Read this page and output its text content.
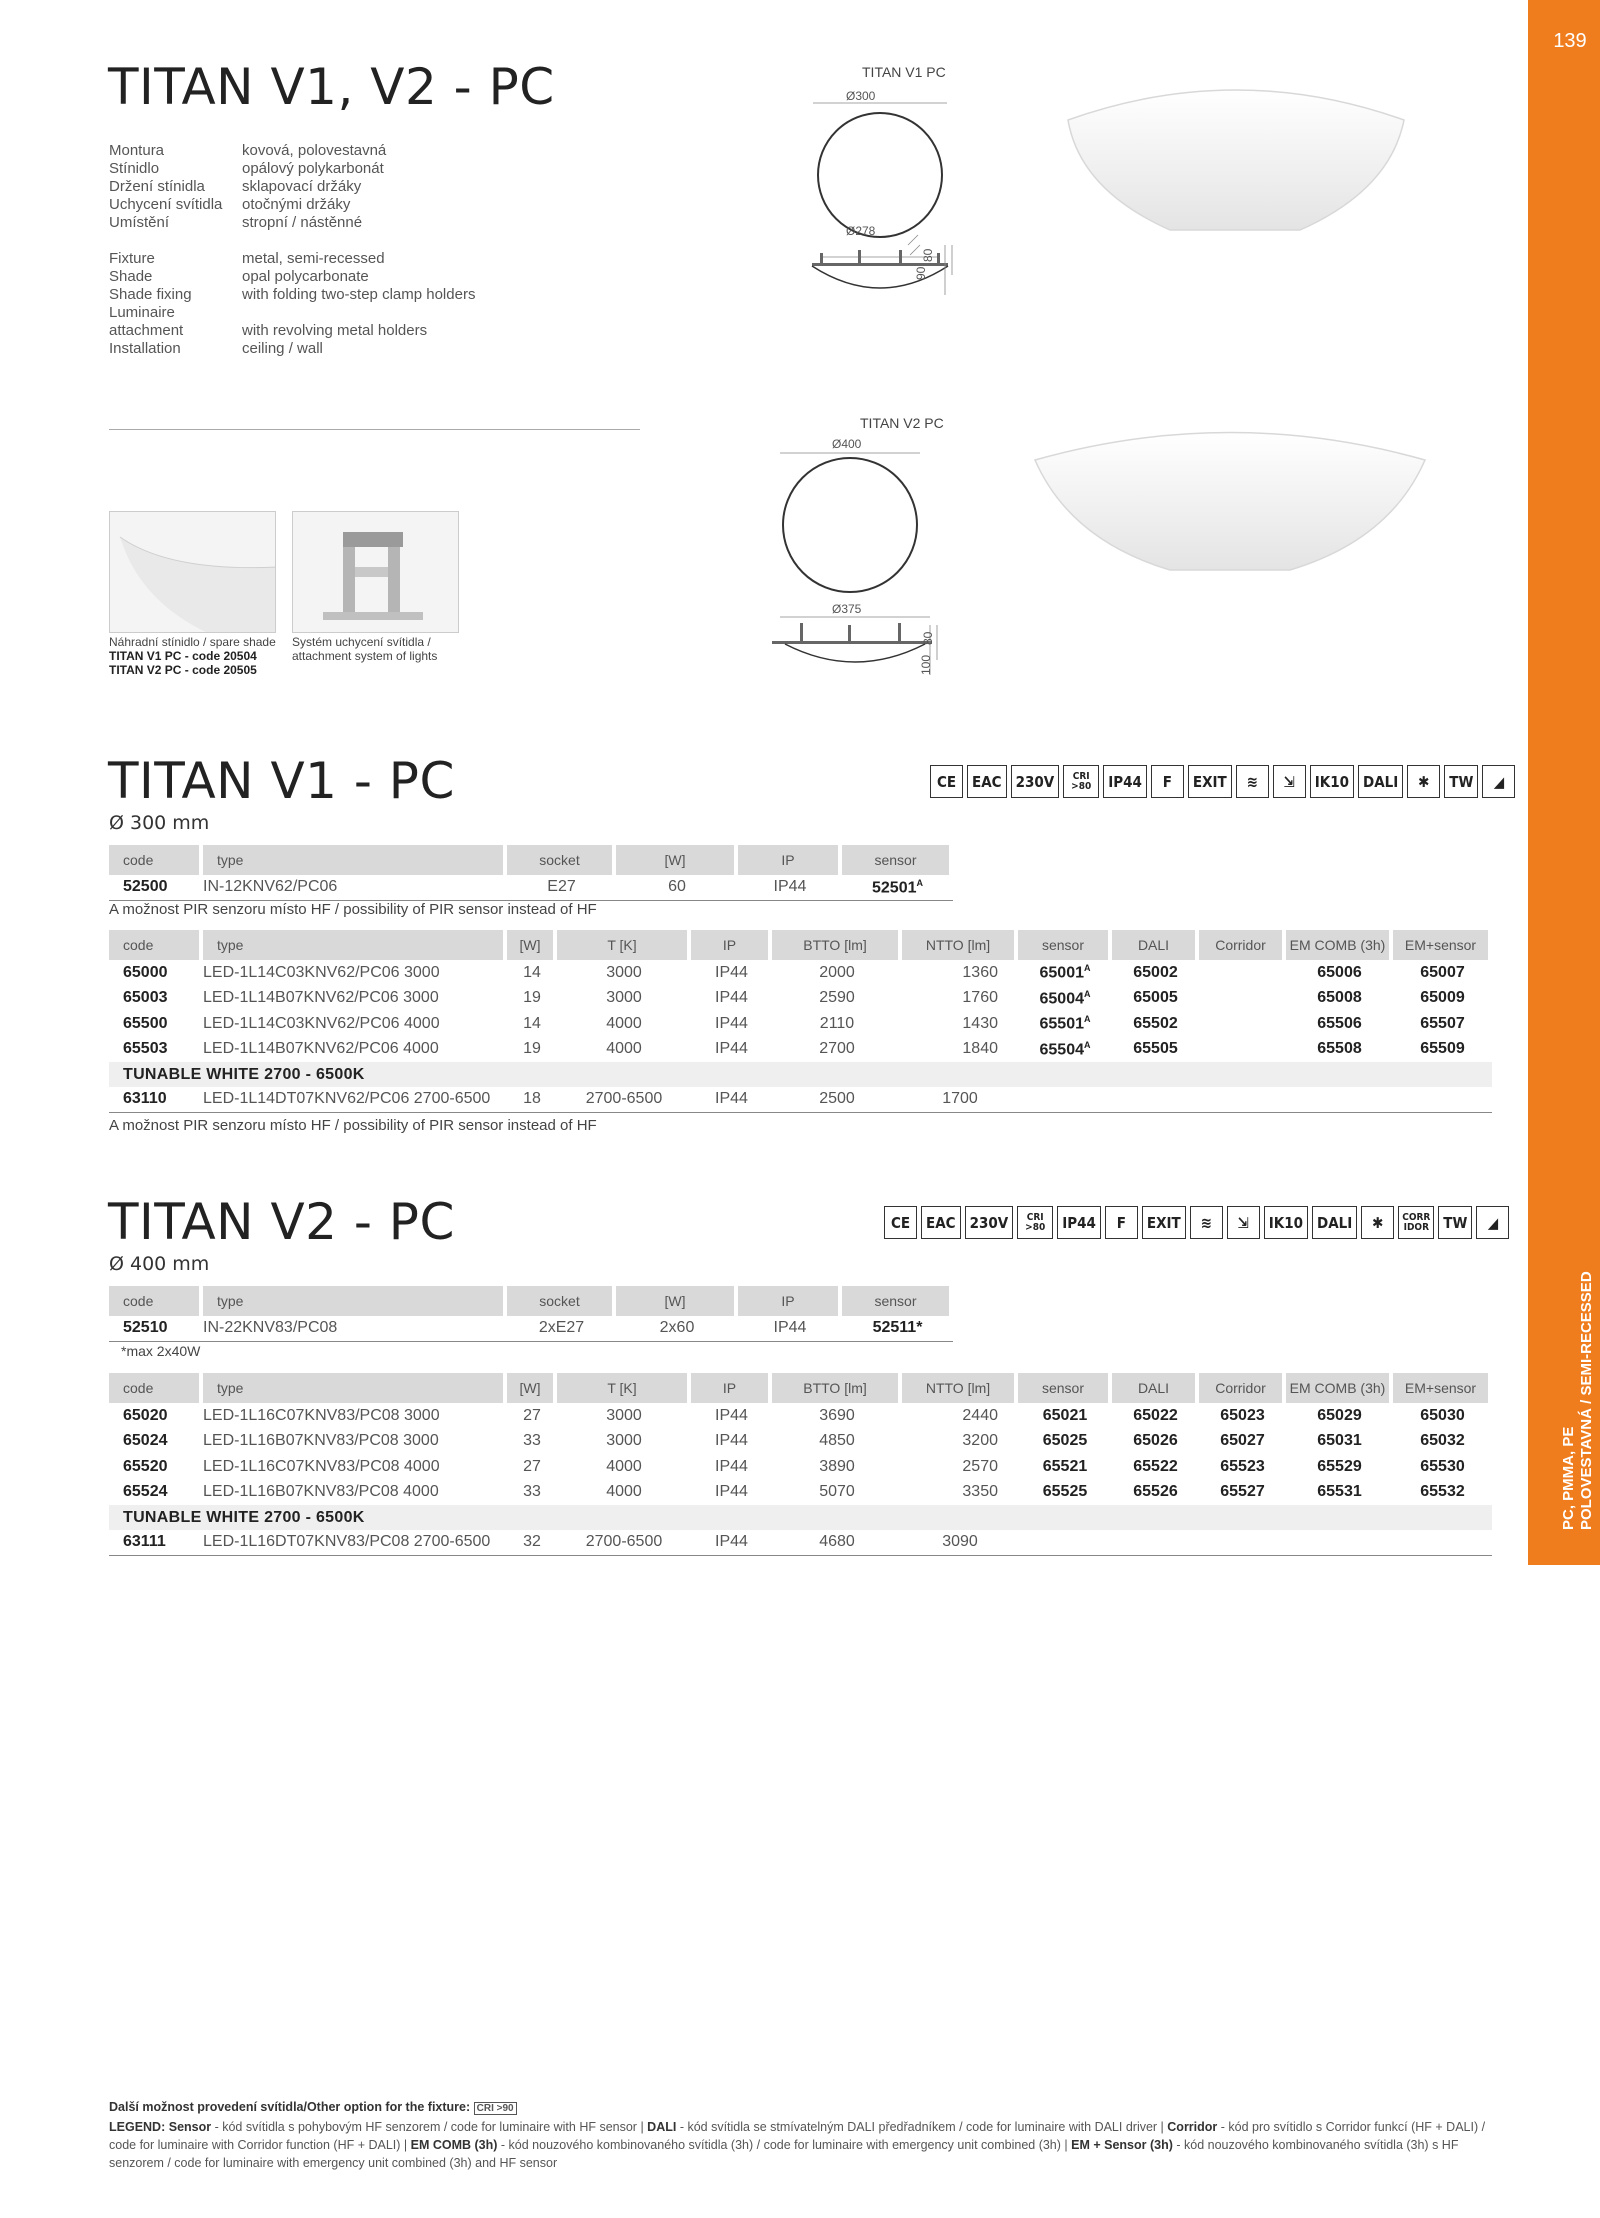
139
PC, PMMA, PE POLOVESTAVNÁ / SEMI-RECESSED
TITAN V1, V2 - PC
Montura	kovová, polovestavná
Stínidlo	opálový polykarbonát
Držení stínidla	sklapovací držáky
Uchycení svítidla	otočnými držáky
Umístění	stropní / nástěnné
Fixture	metal, semi-recessed
Shade	opal polycarbonate
Shade fixing	with folding two-step clamp holders
Luminaire
attachment	with revolving metal holders
Installation	ceiling / wall
Náhradní stínidlo / spare shade
TITAN V1 PC - code 20504
TITAN V2 PC - code 20505
Systém uchycení svítidla /
attachment system of lights
TITAN V1 PC
Ø300
Ø278
90
80
TITAN V2 PC
Ø400
Ø375
100
80
TITAN V1 - PC
Ø 300 mm
CE	EAC 230V	CRI >80	IP44	F	EXIT	≋	⇲	IK10 DALI	✱	TW	◢
code	type	socket	[W]	IP	sensor
52500	IN-12KNV62/PC06	E27	60	IP44	$52501^A$
A možnost PIR senzoru místo HF / possibility of PIR sensor instead of HF
code	type	[W]	T [K]	IP	BTTO [lm]	NTTO [lm]	sensor	DALI	Corridor	EM COMB (3h)	EM+sensor
65000	LED-1L14C03KNV62/PC06 3000	14	3000	IP44	2000	1360	$65001^A$	65002		65006	65007
65003	LED-1L14B07KNV62/PC06 3000	19	3000	IP44	2590	1760	$65004^A$	65005		65008	65009
65500	LED-1L14C03KNV62/PC06 4000	14	4000	IP44	2110	1430	$65501^A$	65502		65506	65507
65503	LED-1L14B07KNV62/PC06 4000	19	4000	IP44	2700	1840	$65504^A$	65505		65508	65509
TUNABLE WHITE 2700 - 6500K											
63110	LED-1L14DT07KNV62/PC06 2700-6500	18	2700-6500	IP44	2500	1700					
A možnost PIR senzoru místo HF / possibility of PIR sensor instead of HF
TITAN V2 - PC
Ø 400 mm
CE	EAC 230V	CRI >80	IP44	F	EXIT	≋	⇲	IK10 DALI	✱	CORR IDOR TW	◢
code	type	socket	[W]	IP	sensor
52510	IN-22KNV83/PC08	2xE27	2x60	IP44	52511*
*max 2x40W
code	type	[W]	T [K]	IP	BTTO [lm]	NTTO [lm]	sensor	DALI	Corridor	EM COMB (3h)	EM+sensor
65020	LED-1L16C07KNV83/PC08 3000	27	3000	IP44	3690	2440	65021	65022	65023	65029	65030
65024	LED-1L16B07KNV83/PC08 3000	33	3000	IP44	4850	3200	65025	65026	65027	65031	65032
65520	LED-1L16C07KNV83/PC08 4000	27	4000	IP44	3890	2570	65521	65522	65523	65529	65530
65524	LED-1L16B07KNV83/PC08 4000	33	4000	IP44	5070	3350	65525	65526	65527	65531	65532
TUNABLE WHITE 2700 - 6500K											
63111	LED-1L16DT07KNV83/PC08 2700-6500	32	2700-6500	IP44	4680	3090					
Další možnost provedení svítidla/Other option for the fixture: CRI >90
LEGEND: Sensor - kód svítidla s pohybovým HF senzorem / code for luminaire with HF sensor | DALI - kód svítidla se stmívatelným DALI předřadníkem / code for luminaire with DALI driver | Corridor - kód pro svítidlo s Corridor funkcí (HF + DALI) / code for luminaire with Corridor function (HF + DALI) | EM COMB (3h) - kód nouzového kombinovaného svítidla (3h) / code for luminaire with emergency unit combined (3h) | EM + Sensor (3h) - kód nouzového kombinovaného svítidla (3h) s HF senzorem / code for luminaire with emergency unit combined (3h) and HF sensor
